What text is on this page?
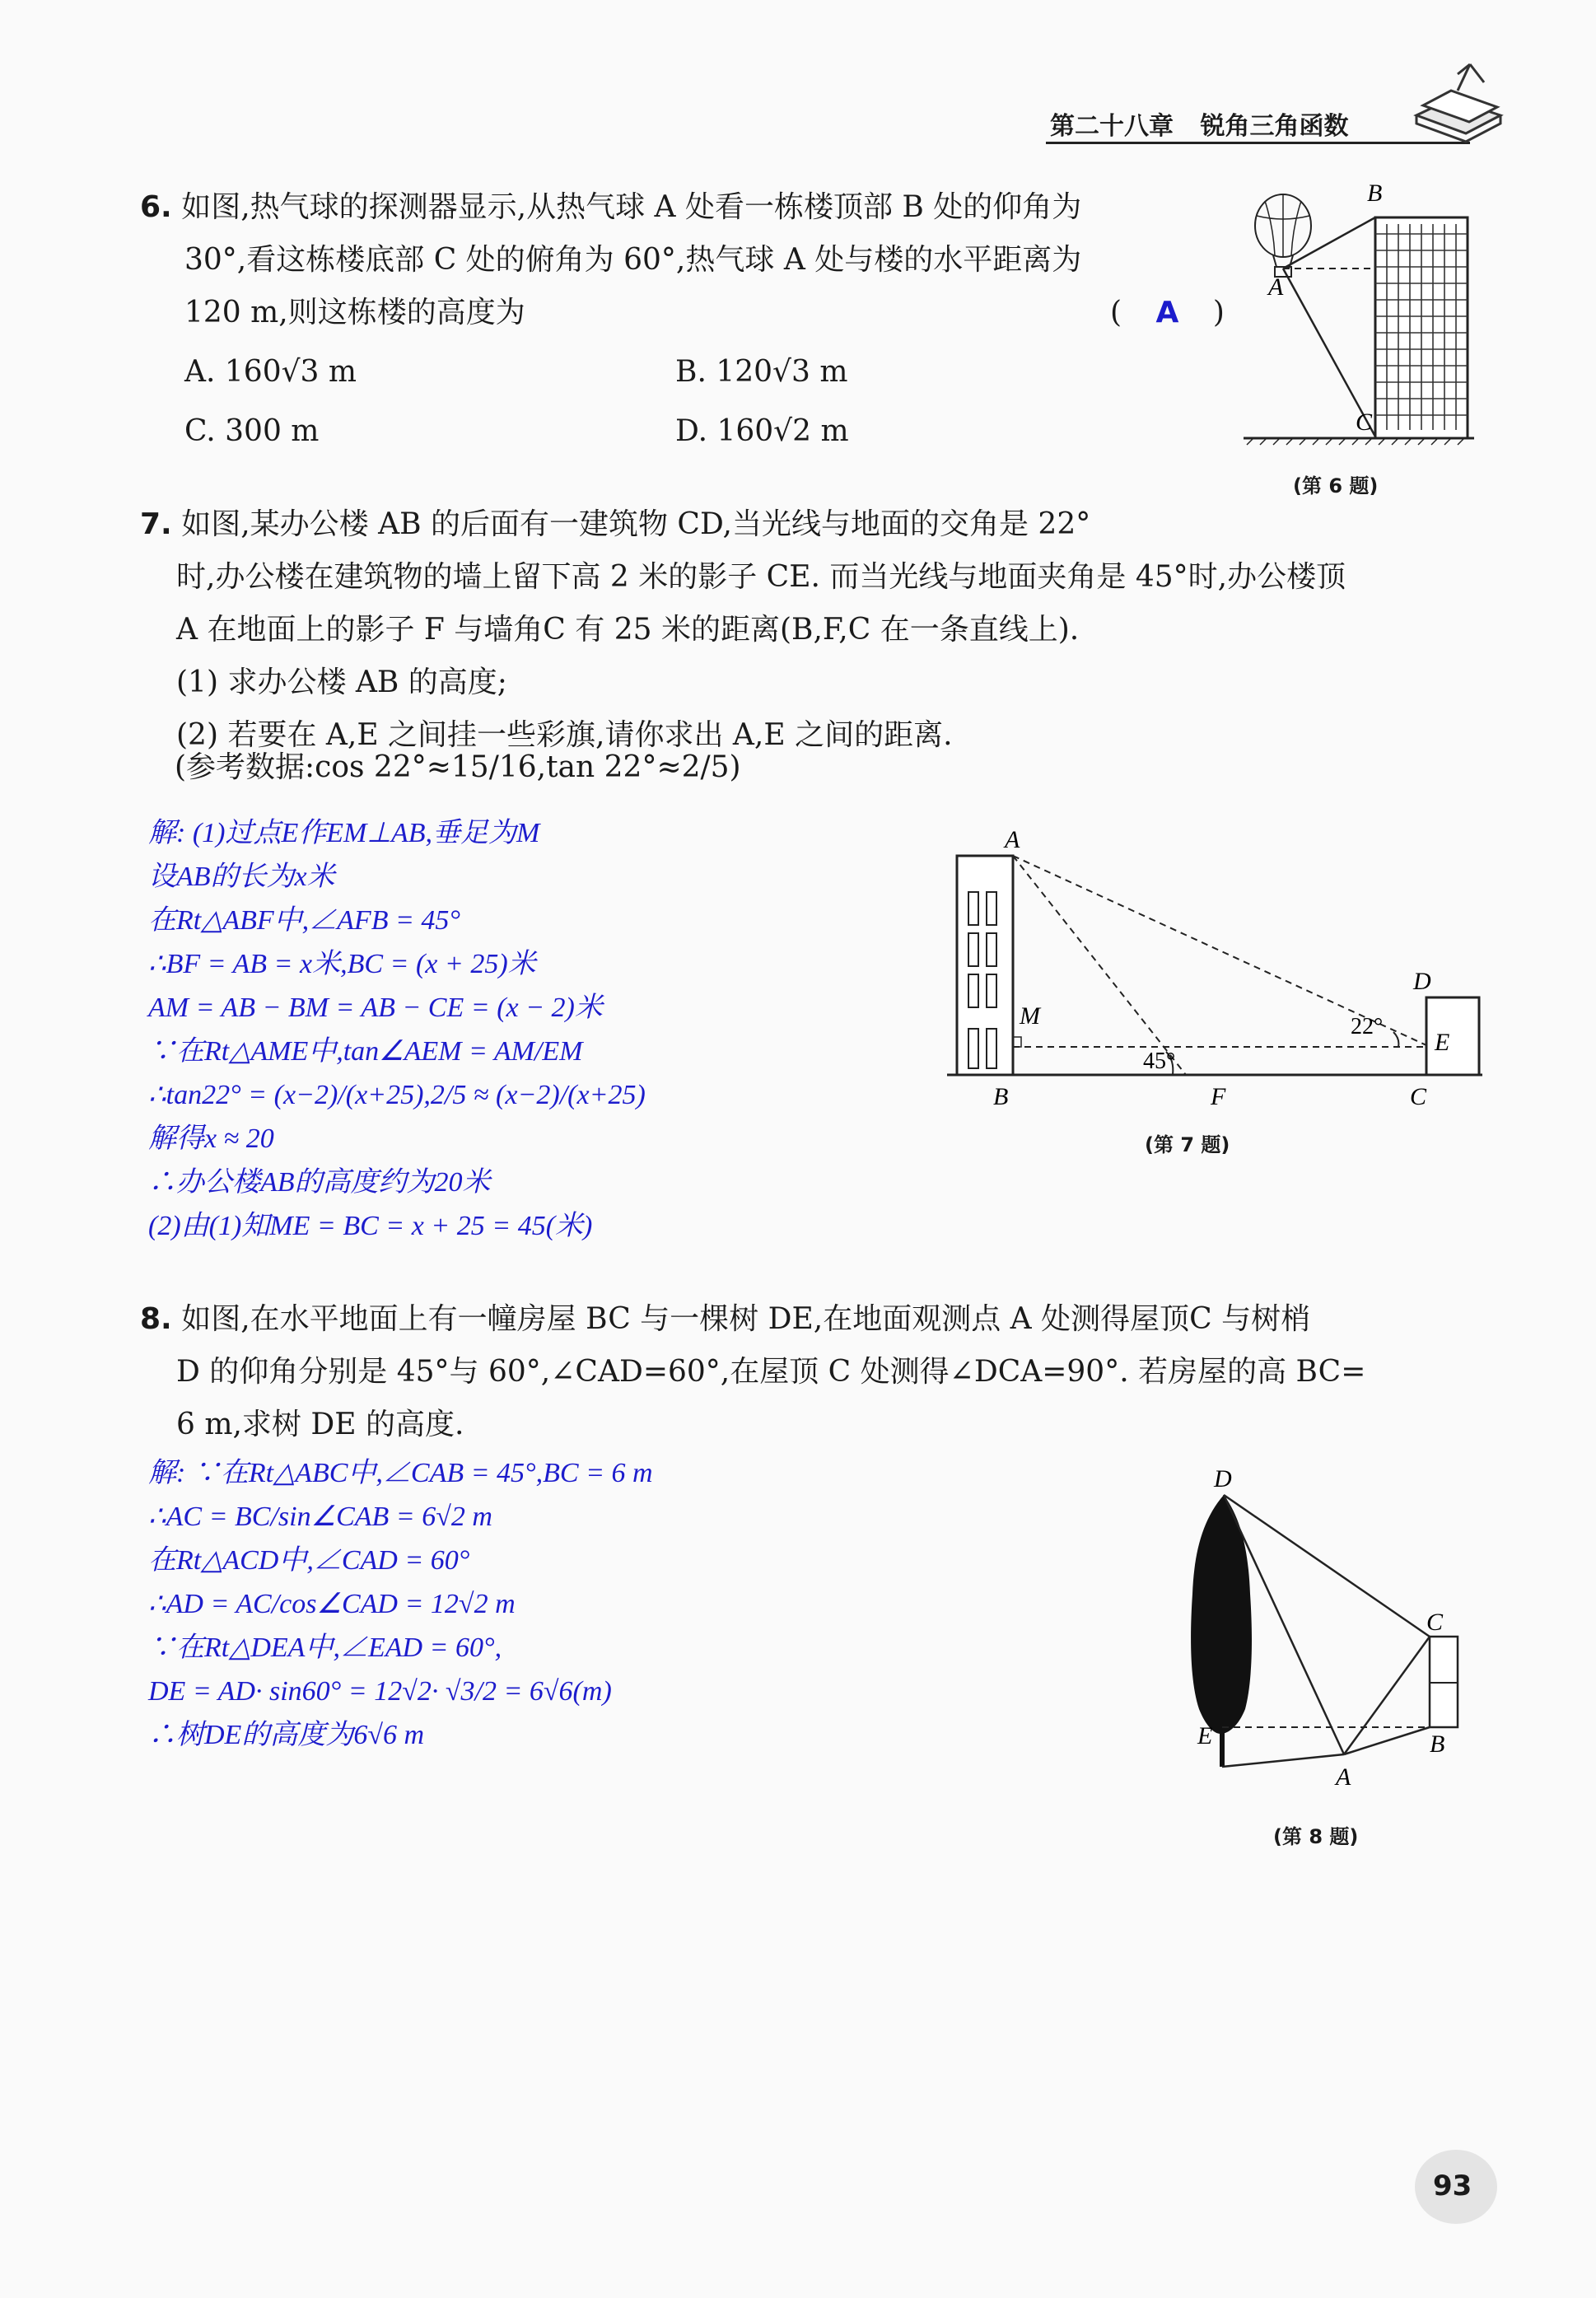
第二十八章 锐角三角函数
6. 如图,热气球的探测器显示,从热气球 A 处看一栋楼顶部 B 处的仰角为
30°,看这栋楼底部 C 处的俯角为 60°,热气球 A 处与楼的水平距离为
120 m,则这栋楼的高度为	( A )
A. 160√3 m	B. 120√3 m
C. 300 m	D. 160√2 m
B
A
C
(第 6 题)
7. 如图,某办公楼 AB 的后面有一建筑物 CD,当光线与地面的交角是 22°
时,办公楼在建筑物的墙上留下高 2 米的影子 CE. 而当光线与地面夹角是 45°时,办公楼顶
A 在地面上的影子 F 与墙角C 有 25 米的距离(B,F,C 在一条直线上).
(1) 求办公楼 AB 的高度;
(2) 若要在 A,E 之间挂一些彩旗,请你求出 A,E 之间的距离.
(参考数据:cos 22°≈15/16,tan 22°≈2/5)
解: (1)过点E作EM⊥AB,垂足为M
设AB的长为x米
在Rt△ABF中,∠AFB = 45°
∴BF = AB = x米,BC = (x + 25)米
AM = AB − BM = AB − CE = (x − 2)米
∵在Rt△AME中,tan∠AEM = AM/EM
∴tan22° = (x−2)/(x+25),2/5 ≈ (x−2)/(x+25)
解得x ≈ 20
∴办公楼AB的高度约为20米
(2)由(1)知ME = BC = x + 25 = 45(米)
A
M
B	F	C
D
E
45°
22°
(第 7 题)
8. 如图,在水平地面上有一幢房屋 BC 与一棵树 DE,在地面观测点 A 处测得屋顶C 与树梢
D 的仰角分别是 45°与 60°,∠CAD=60°,在屋顶 C 处测得∠DCA=90°. 若房屋的高 BC=
6 m,求树 DE 的高度.
解: ∵在Rt△ABC中,∠CAB = 45°,BC = 6 m
∴AC = BC/sin∠CAB = 6√2 m
在Rt△ACD中,∠CAD = 60°
∴AD = AC/cos∠CAD = 12√2 m
∵在Rt△DEA中,∠EAD = 60°,
DE = AD· sin60° = 12√2· √3/2 = 6√6(m)
∴树DE的高度为6√6 m
D
C
E
A
B
(第 8 题)
93
